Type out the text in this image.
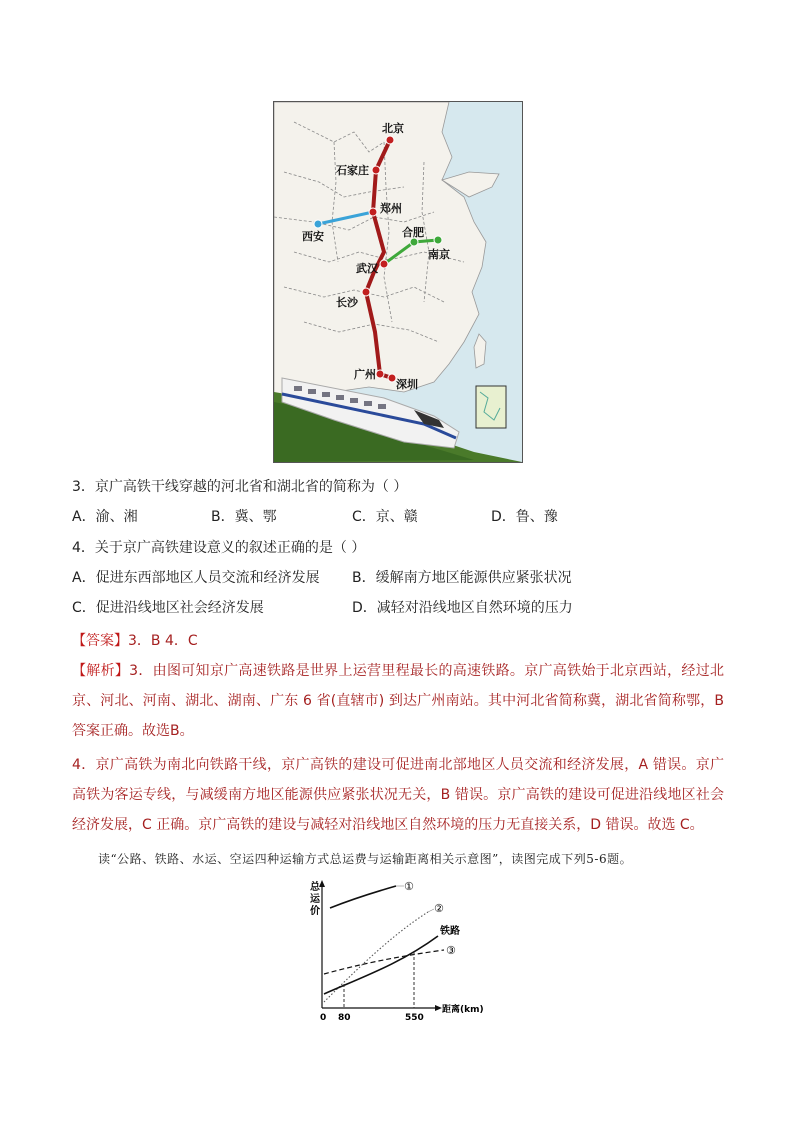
北京
石家庄
郑州
西安	合肥
南京
武汉
长沙
广州
深圳
3．京广高铁干线穿越的河北省和湖北省的简称为（ ）
A．渝、湘	B．冀、鄂	C．京、赣	D．鲁、豫
4．关于京广高铁建设意义的叙述正确的是（ ）
A．促进东西部地区人员交流和经济发展 B．缓解南方地区能源供应紧张状况
C．促进沿线地区社会经济发展	D．减轻对沿线地区自然环境的压力
【答案】3．B 4．C
【解析】3．由图可知京广高速铁路是世界上运营里程最长的高速铁路。京广高铁始于北京西站，经过北京、河北、河南、湖北、湖南、广东 6 省(直辖市) 到达广州南站。其中河北省简称冀，湖北省简称鄂，B 答案正确。故选B。
4．京广高铁为南北向铁路干线，京广高铁的建设可促进南北部地区人员交流和经济发展，A 错误。京广高铁为客运专线，与减缓南方地区能源供应紧张状况无关，B 错误。京广高铁的建设可促进沿线地区社会经济发展，C 正确。京广高铁的建设与减轻对沿线地区自然环境的压力无直接关系，D 错误。故选 C。
读“公路、铁路、水运、空运四种运输方式总运费与运输距离相关示意图”，读图完成下列5-6题。
总
运
价
①
②
铁路
③
0 80	550
距离(km)
